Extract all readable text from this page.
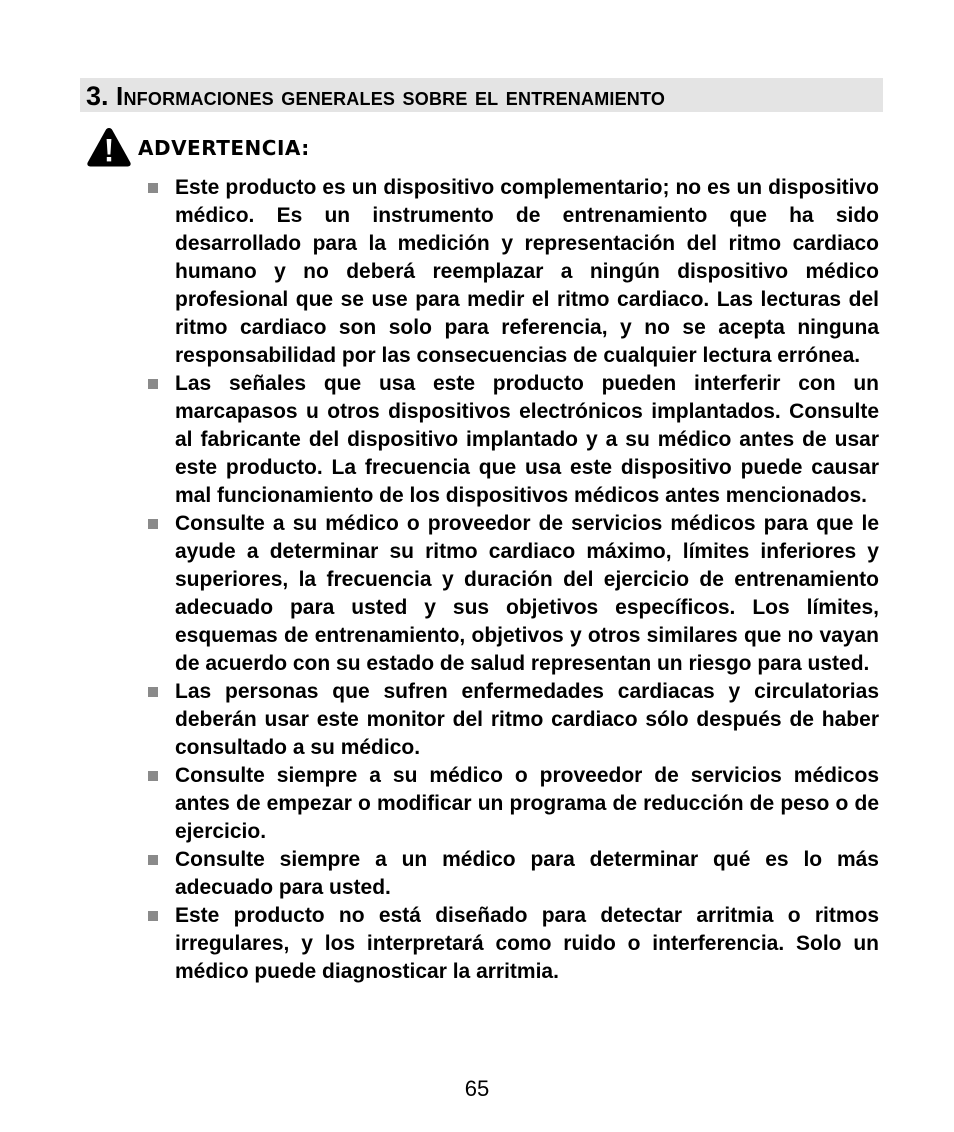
3. Informaciones generales sobre el entrenamiento
ADVERTENCIA:
Este producto es un dispositivo complementario; no es un dispositivo médico. Es un instrumento de entrenamiento que ha sido desarrollado para la medición y representación del ritmo cardiaco humano y no deberá reemplazar a ningún dispositivo médico profesional que se use para medir el ritmo cardiaco. Las lecturas del ritmo cardiaco son solo para referencia, y no se acepta ninguna responsabilidad por las consecuencias de cualquier lectura errónea.
Las señales que usa este producto pueden interferir con un marcapasos u otros dispositivos electrónicos implantados. Consulte al fabricante del dispositivo implantado y a su médico antes de usar este producto. La frecuencia que usa este dispositivo puede causar mal funcionamiento de los dispositivos médicos antes mencionados.
Consulte a su médico o proveedor de servicios médicos para que le ayude a determinar su ritmo cardiaco máximo, límites inferiores y superiores, la frecuencia y duración del ejercicio de entrenamiento adecuado para usted y sus objetivos específicos. Los límites, esquemas de entrenamiento, objetivos y otros similares que no vayan de acuerdo con su estado de salud representan un riesgo para usted.
Las personas que sufren enfermedades cardiacas y circulatorias deberán usar este monitor del ritmo cardiaco sólo después de haber consultado a su médico.
Consulte siempre a su médico o proveedor de servicios médicos antes de empezar o modificar un programa de reducción de peso o de ejercicio.
Consulte siempre a un médico para determinar qué es lo más adecuado para usted.
Este producto no está diseñado para detectar arritmia o ritmos irregulares, y los interpretará como ruido o interferencia. Solo un médico puede diagnosticar la arritmia.
65
